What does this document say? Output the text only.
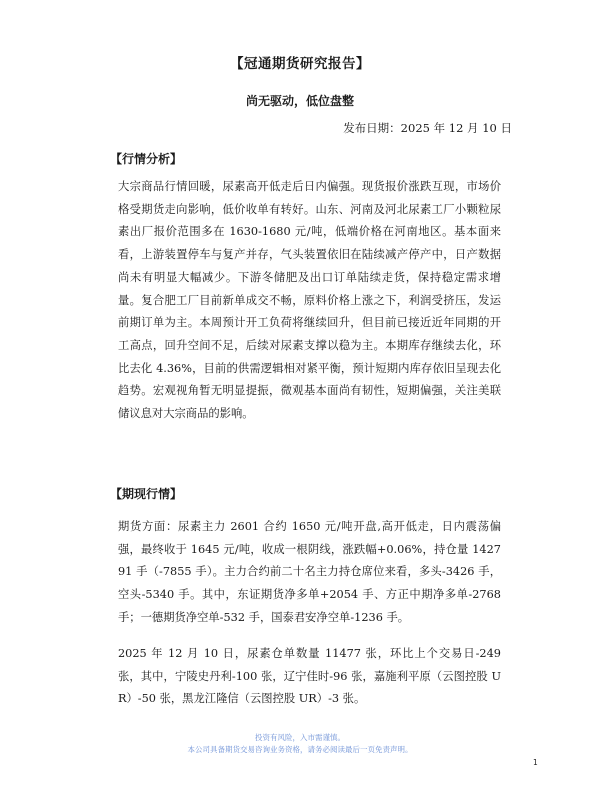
【冠通期货研究报告】
尚无驱动，低位盘整
发布日期：2025 年 12 月 10 日
【行情分析】

大宗商品行情回暖，尿素高开低走后日内偏强。现货报价涨跌互现，市场价格受期货走向影响，低价收单有转好。山东、河南及河北尿素工厂小颗粒尿素出厂报价范围多在 1630-1680 元/吨，低端价格在河南地区。基本面来看，上游装置停车与复产并存，气头装置依旧在陆续减产停产中，日产数据尚未有明显大幅减少。下游冬储肥及出口订单陆续走货，保持稳定需求增量。复合肥工厂目前新单成交不畅，原料价格上涨之下，利润受挤压，发运前期订单为主。本周预计开工负荷将继续回升，但目前已接近近年同期的开工高点，回升空间不足，后续对尿素支撑以稳为主。本期库存继续去化，环比去化 4.36%，目前的供需逻辑相对紧平衡，预计短期内库存依旧呈现去化趋势。宏观视角暂无明显提振，微观基本面尚有韧性，短期偏强，关注美联储议息对大宗商品的影响。

【期现行情】

期货方面：尿素主力 2601 合约 1650 元/吨开盘,高开低走，日内震荡偏强，最终收于 1645 元/吨，收成一根阴线，涨跌幅+0.06%，持仓量 142791 手（-7855 手）。主力合约前二十名主力持仓席位来看，多头-3426 手，空头-5340 手。其中，东证期货净多单+2054 手、方正中期净多单-2768 手；一德期货净空单-532 手，国泰君安净空单-1236 手。

2025 年 12 月 10 日，尿素仓单数量 11477 张，环比上个交易日-249 张，其中，宁陵史丹利-100 张，辽宁佳时-96 张，嘉施利平原（云图控股 UR）-50 张，黑龙江隆信（云图控股 UR）-3 张。

投资有风险，入市需谨慎。
本公司具备期货交易咨询业务资格，请务必阅读最后一页免责声明。
1
